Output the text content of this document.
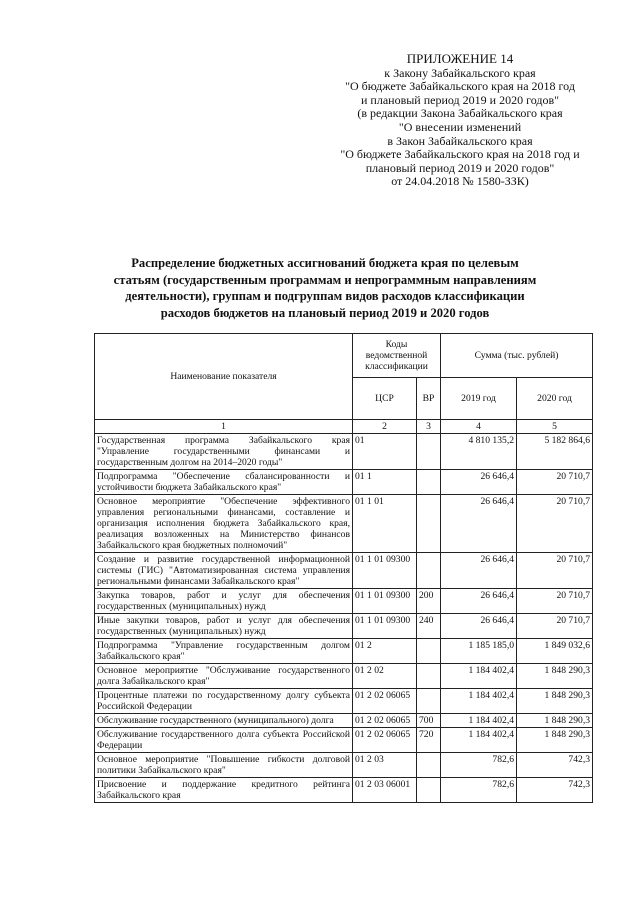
ПРИЛОЖЕНИЕ 14
к Закону Забайкальского края
"О бюджете Забайкальского края на 2018 год
и плановый период 2019 и 2020 годов"
(в редакции Закона Забайкальского края
"О внесении изменений
в Закон Забайкальского края
"О бюджете Забайкальского края на 2018 год и
плановый период 2019 и 2020 годов"
от 24.04.2018 № 1580-ЗЗК)
Распределение бюджетных ассигнований бюджета края по целевым
статьям (государственным программам и непрограммным направлениям
деятельности), группам и подгруппам видов расходов классификации
расходов бюджетов на плановый период 2019 и 2020 годов
Наименование показателя	Коды ведомственной классификации		Сумма (тыс. рублей)	
	ЦСР	ВР	2019 год	2020 год
1	2	3	4	5
Государственная программа Забайкальского края "Управление государственными финансами и государственным долгом на 2014–2020 годы"	01		4 810 135,2	5 182 864,6
Подпрограмма "Обеспечение сбалансированности и устойчивости бюджета Забайкальского края"	01 1		26 646,4	20 710,7
Основное мероприятие "Обеспечение эффективного управления региональными финансами, составление и организация исполнения бюджета Забайкальского края, реализация возложенных на Министерство финансов Забайкальского края бюджетных полномочий"	01 1 01		26 646,4	20 710,7
Создание и развитие государственной информационной системы (ГИС) "Автоматизированная система управления региональными финансами Забайкальского края"	01 1 01 09300		26 646,4	20 710,7
Закупка товаров, работ и услуг для обеспечения государственных (муниципальных) нужд	01 1 01 09300	200	26 646,4	20 710,7
Иные закупки товаров, работ и услуг для обеспечения государственных (муниципальных) нужд	01 1 01 09300	240	26 646,4	20 710,7
Подпрограмма "Управление государственным долгом Забайкальского края"	01 2		1 185 185,0	1 849 032,6
Основное мероприятие "Обслуживание государственного долга Забайкальского края"	01 2 02		1 184 402,4	1 848 290,3
Процентные платежи по государственному долгу субъекта Российской Федерации	01 2 02 06065		1 184 402,4	1 848 290,3
Обслуживание государственного (муниципального) долга	01 2 02 06065	700	1 184 402,4	1 848 290,3
Обслуживание государственного долга субъекта Российской Федерации	01 2 02 06065	720	1 184 402,4	1 848 290,3
Основное мероприятие "Повышение гибкости долговой политики Забайкальского края"	01 2 03		782,6	742,3
Присвоение и поддержание кредитного рейтинга Забайкальского края	01 2 03 06001		782,6	742,3
